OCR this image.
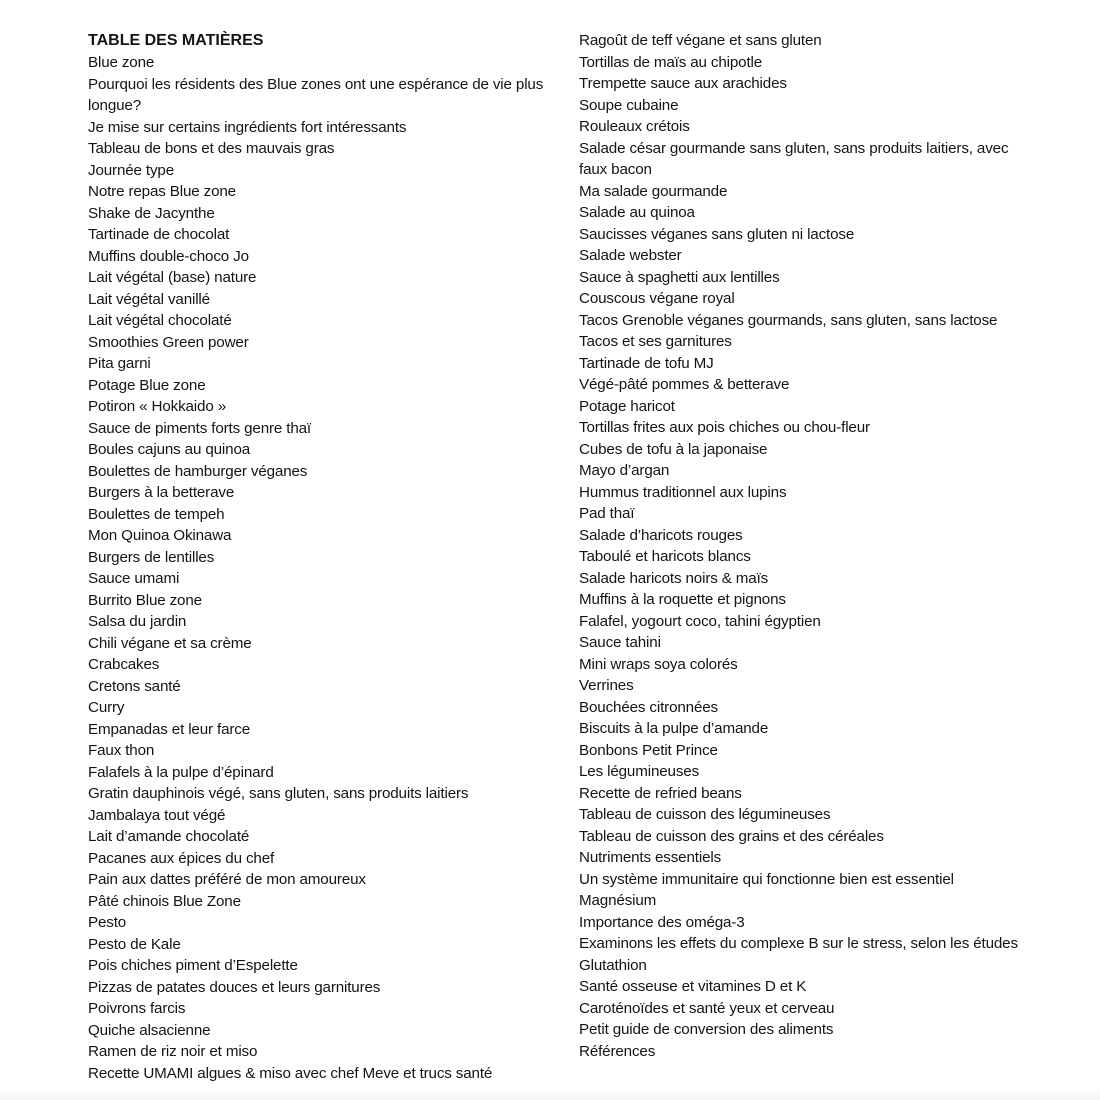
TABLE DES MATIÈRES
Blue zone
Pourquoi les résidents des Blue zones ont une espérance de vie plus longue?
Je mise sur certains ingrédients fort intéressants
Tableau de bons et des mauvais gras
Journée type
Notre repas Blue zone
Shake de Jacynthe
Tartinade de chocolat
Muffins double-choco Jo
Lait végétal (base) nature
Lait végétal vanillé
Lait végétal chocolaté
Smoothies Green power
Pita garni
Potage Blue zone
Potiron « Hokkaido »
Sauce de piments forts genre thaï
Boules cajuns au quinoa
Boulettes de hamburger véganes
Burgers à la betterave
Boulettes de tempeh
Mon Quinoa Okinawa
Burgers de lentilles
Sauce umami
Burrito Blue zone
Salsa du jardin
Chili végane et sa crème
Crabcakes
Cretons santé
Curry
Empanadas et leur farce
Faux thon
Falafels à la pulpe d’épinard
Gratin dauphinois végé, sans gluten, sans produits laitiers
Jambalaya tout végé
Lait d’amande chocolaté
Pacanes aux épices du chef
Pain aux dattes préféré de mon amoureux
Pâté chinois Blue Zone
Pesto
Pesto de Kale
Pois chiches piment d’Espelette
Pizzas de patates douces et leurs garnitures
Poivrons farcis
Quiche alsacienne
Ramen de riz noir et miso
Recette UMAMI algues & miso avec chef Meve et trucs santé
Ragoût de teff végane et sans gluten
Tortillas de maïs au chipotle
Trempette sauce aux arachides
Soupe cubaine
Rouleaux crétois
Salade césar gourmande sans gluten, sans produits laitiers, avec faux bacon
Ma salade gourmande
Salade au quinoa
Saucisses véganes sans gluten ni lactose
Salade webster
Sauce à spaghetti aux lentilles
Couscous végane royal
Tacos Grenoble véganes gourmands, sans gluten, sans lactose
Tacos et ses garnitures
Tartinade de tofu MJ
Végé-pâté pommes & betterave
Potage haricot
Tortillas frites aux pois chiches ou chou-fleur
Cubes de tofu à la japonaise
Mayo d’argan
Hummus traditionnel aux lupins
Pad thaï
Salade d’haricots rouges
Taboulé et haricots blancs
Salade haricots noirs & maïs
Muffins à la roquette et pignons
Falafel, yogourt coco, tahini égyptien
Sauce tahini
Mini wraps soya colorés
Verrines
Bouchées citronnées
Biscuits à la pulpe d’amande
Bonbons Petit Prince
Les légumineuses
Recette de refried beans
Tableau de cuisson des légumineuses
Tableau de cuisson des grains et des céréales
Nutriments essentiels
Un système immunitaire qui fonctionne bien est essentiel
Magnésium
Importance des oméga-3
Examinons les effets du complexe B sur le stress, selon les études
Glutathion
Santé osseuse et vitamines D et K
Caroténoïdes et santé yeux et cerveau
Petit guide de conversion des aliments
Références
